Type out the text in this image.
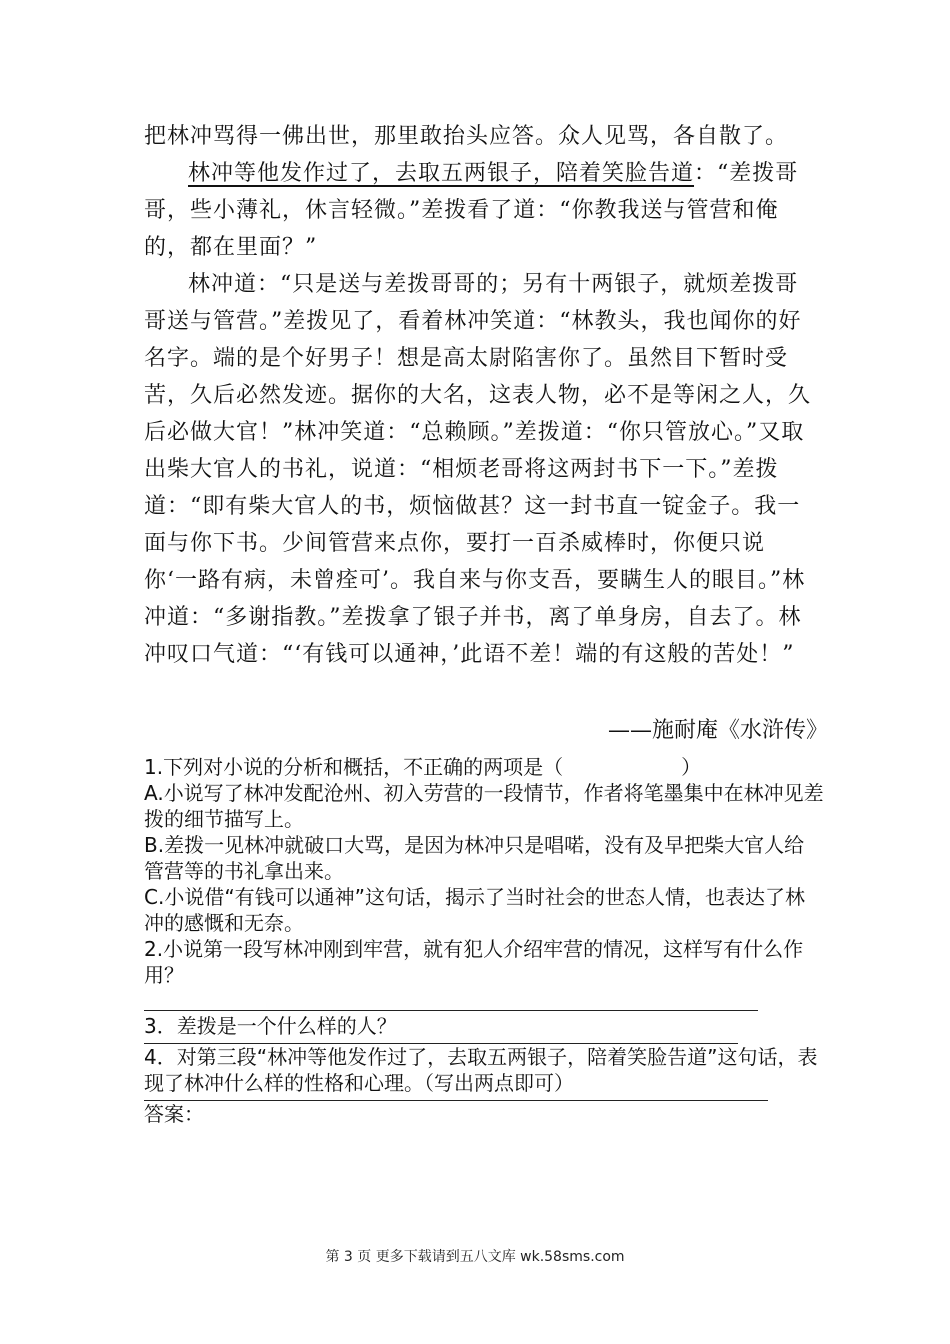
把林冲骂得一佛出世，那里敢抬头应答。众人见骂，各自散了。

林冲等他发作过了，去取五两银子，陪着笑脸告道：“差拨哥哥，些小薄礼，休言轻微。”差拨看了道：“你教我送与管营和俺的，都在里面？”

林冲道：“只是送与差拨哥哥的；另有十两银子，就烦差拨哥哥送与管营。”差拨见了，看着林冲笑道：“林教头，我也闻你的好名字。端的是个好男子！想是高太尉陷害你了。虽然目下暂时受苦，久后必然发迹。据你的大名，这表人物，必不是等闲之人，久后必做大官！”林冲笑道：“总赖顾。”差拨道：“你只管放心。”又取出柴大官人的书礼，说道：“相烦老哥将这两封书下一下。”差拨道：“即有柴大官人的书，烦恼做甚？这一封书直一锭金子。我一面与你下书。少间管营来点你，要打一百杀威棒时，你便只说你‘一路有病，未曾痊可’。我自来与你支吾，要瞒生人的眼目。”林冲道：“多谢指教。”差拨拿了银子并书，离了单身房，自去了。林冲叹口气道：“‘有钱可以通神，’此语不差！端的有这般的苦处！”

——施耐庵《水浒传》

1.下列对小说的分析和概括，不正确的两项是（	）

A.小说写了林冲发配沧州、初入劳营的一段情节，作者将笔墨集中在林冲见差拨的细节描写上。

B.差拨一见林冲就破口大骂，是因为林冲只是唱喏，没有及早把柴大官人给管营等的书礼拿出来。

C.小说借“有钱可以通神”这句话，揭示了当时社会的世态人情，也表达了林冲的感慨和无奈。

2.小说第一段写林冲刚到牢营，就有犯人介绍牢营的情况，这样写有什么作用？

3．差拨是一个什么样的人？

4．对第三段“林冲等他发作过了，去取五两银子，陪着笑脸告道”这句话，表现了林冲什么样的性格和心理。（写出两点即可）

答案：

第 3 页 更多下载请到五八文库 wk.58sms.com
